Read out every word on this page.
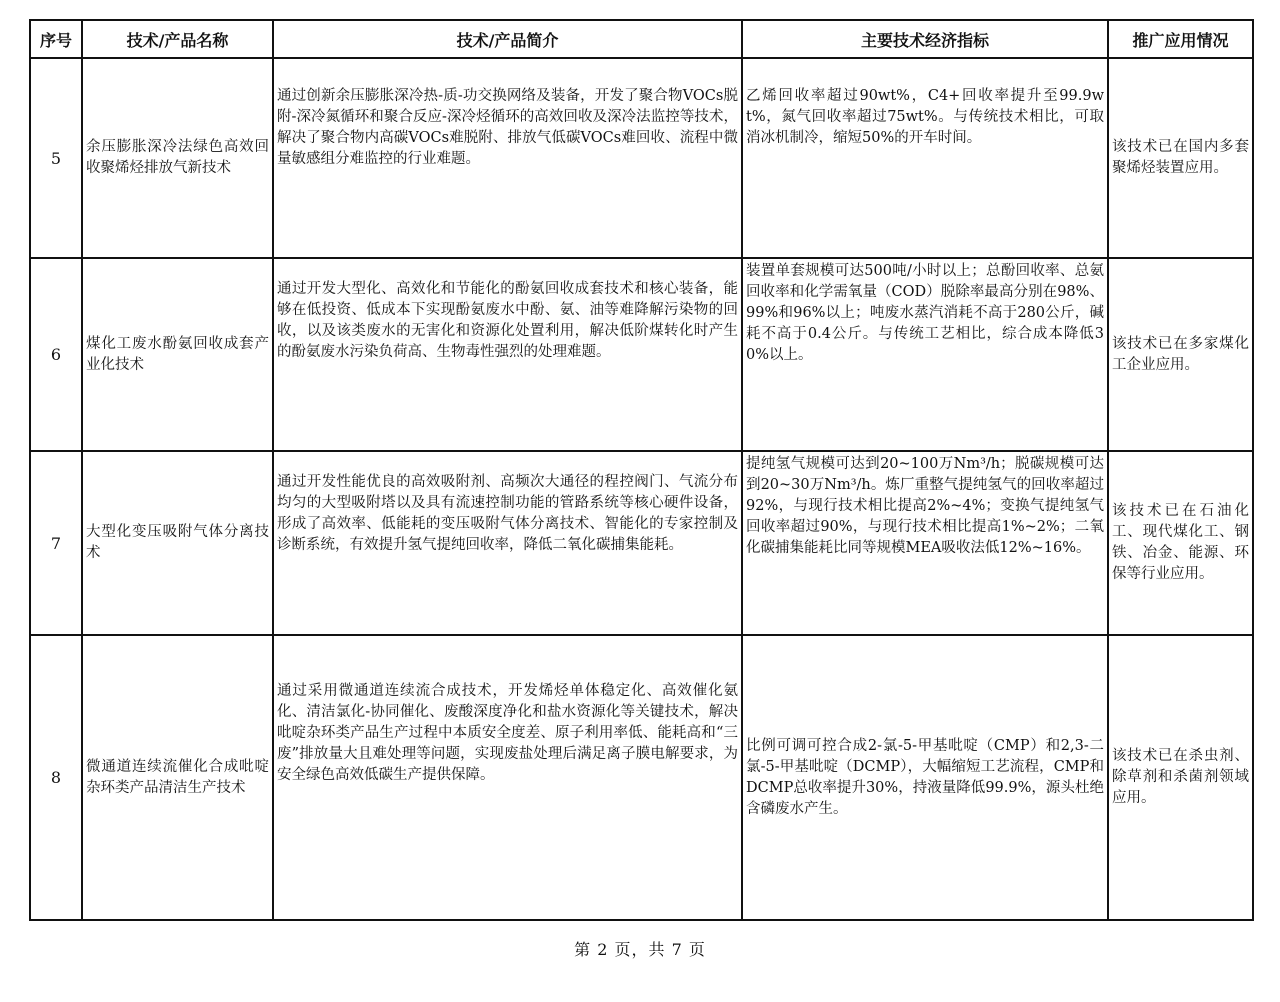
序号	技术/产品名称	技术/产品简介	主要技术经济指标	推广应用情况
5	余压膨胀深冷法绿色高效回收聚烯烃排放气新技术	通过创新余压膨胀深冷热-质-功交换网络及装备，开发了聚合物VOCs脱附-深冷氮循环和聚合反应-深冷烃循环的高效回收及深冷法监控等技术，解决了聚合物内高碳VOCs难脱附、排放气低碳VOCs难回收、流程中微量敏感组分难监控的行业难题。	乙烯回收率超过90wt%，C4+回收率提升至99.9wt%，氮气回收率超过75wt%。与传统技术相比，可取消冰机制冷，缩短50%的开车时间。	该技术已在国内多套聚烯烃装置应用。
6	煤化工废水酚氨回收成套产业化技术	通过开发大型化、高效化和节能化的酚氨回收成套技术和核心装备，能够在低投资、低成本下实现酚氨废水中酚、氨、油等难降解污染物的回收，以及该类废水的无害化和资源化处置利用，解决低阶煤转化时产生的酚氨废水污染负荷高、生物毒性强烈的处理难题。	装置单套规模可达500吨/小时以上；总酚回收率、总氨回收率和化学需氧量（COD）脱除率最高分别在98%、99%和96%以上；吨废水蒸汽消耗不高于280公斤，碱耗不高于0.4公斤。与传统工艺相比，综合成本降低30%以上。	该技术已在多家煤化工企业应用。
7	大型化变压吸附气体分离技术	通过开发性能优良的高效吸附剂、高频次大通径的程控阀门、气流分布均匀的大型吸附塔以及具有流速控制功能的管路系统等核心硬件设备，形成了高效率、低能耗的变压吸附气体分离技术、智能化的专家控制及诊断系统，有效提升氢气提纯回收率，降低二氧化碳捕集能耗。	提纯氢气规模可达到20~100万Nm³/h；脱碳规模可达到20~30万Nm³/h。炼厂重整气提纯氢气的回收率超过92%，与现行技术相比提高2%~4%；变换气提纯氢气回收率超过90%，与现行技术相比提高1%~2%；二氧化碳捕集能耗比同等规模MEA吸收法低12%~16%。	该技术已在石油化工、现代煤化工、钢铁、冶金、能源、环保等行业应用。
8	微通道连续流催化合成吡啶杂环类产品清洁生产技术	通过采用微通道连续流合成技术，开发烯烃单体稳定化、高效催化氨化、清洁氯化-协同催化、废酸深度净化和盐水资源化等关键技术，解决吡啶杂环类产品生产过程中本质安全度差、原子利用率低、能耗高和“三废”排放量大且难处理等问题，实现废盐处理后满足离子膜电解要求，为安全绿色高效低碳生产提供保障。	比例可调可控合成2-氯-5-甲基吡啶（CMP）和2,3-二氯-5-甲基吡啶（DCMP），大幅缩短工艺流程，CMP和DCMP总收率提升30%，持液量降低99.9%，源头杜绝含磷废水产生。	该技术已在杀虫剂、除草剂和杀菌剂领域应用。
第 2 页，共 7 页
